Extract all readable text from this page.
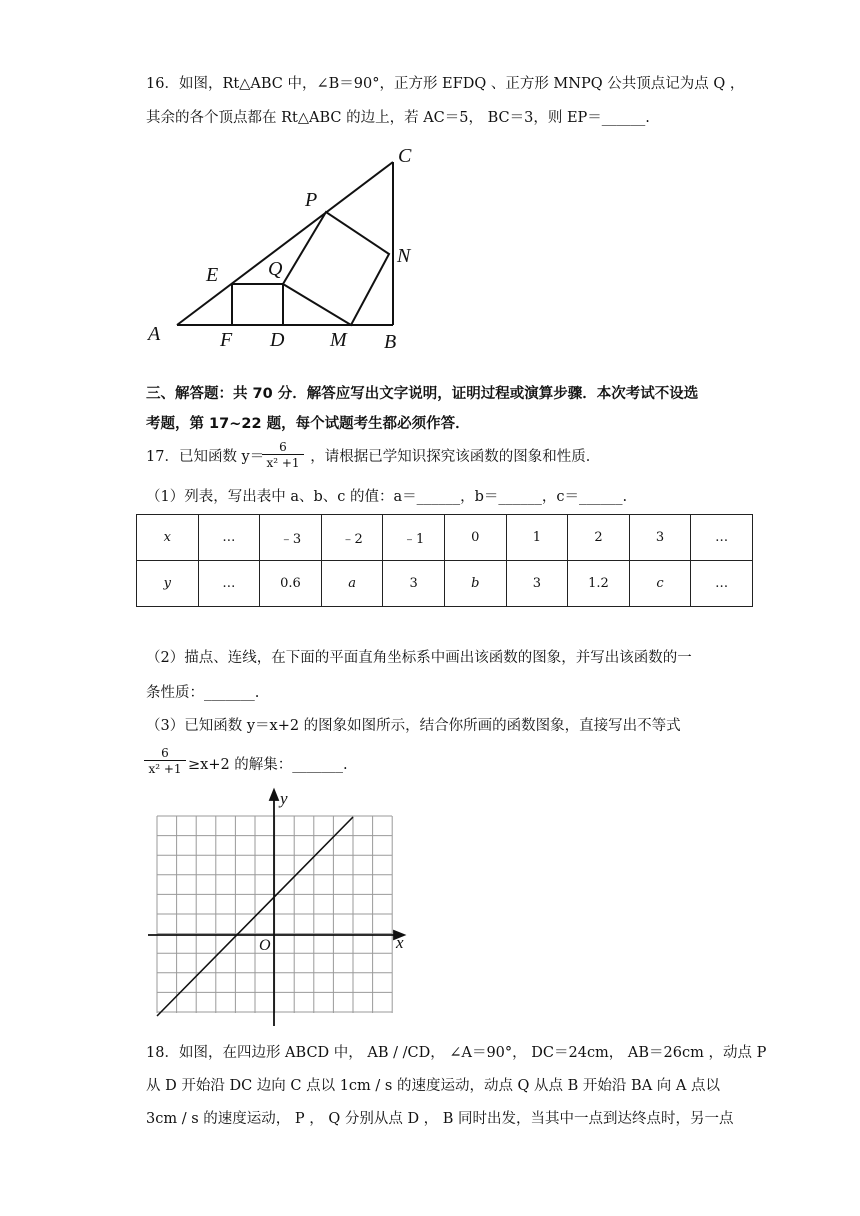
16．如图，Rt△ABC 中，∠B＝90°，正方形 EFDQ 、正方形 MNPQ 公共顶点记为点 Q ，
其余的各个顶点都在 Rt△ABC 的边上，若 AC＝5， BC＝3，则 EP＝______.
C
P
N
E Q
A	F D M B
三、解答题：共 70 分．解答应写出文字说明，证明过程或演算步骤．本次考试不设选
考题，第 17~22 题，每个试题考生都必须作答．
17．已知函数 y＝	，请根据已学知识探究该函数的图象和性质．
$\frac{6}{\text{x² +1}}$
（1）列表，写出表中 a、b、c 的值：a＝______，b＝______，c＝______.
x	…	﹣3	﹣2	﹣1	0	1	2	3	…
y	…	0.6	a	3	b	3	1.2	c	…
（2）描点、连线，在下面的平面直角坐标系中画出该函数的图象，并写出该函数的一
条性质：_______.
（3）已知函数 y＝x+2 的图象如图所示，结合你所画的函数图象，直接写出不等式
$\frac{6}{\text{x² +1}} \ge x+2$ 的解集：_______.
y
x
O
18．如图，在四边形 ABCD 中， AB / /CD， ∠A＝90°， DC＝24cm， AB＝26cm ，动点 P
从 D 开始沿 DC 边向 C 点以 1cm / s 的速度运动，动点 Q 从点 B 开始沿 BA 向 A 点以
3cm / s 的速度运动， P ， Q 分别从点 D ， B 同时出发，当其中一点到达终点时，另一点
